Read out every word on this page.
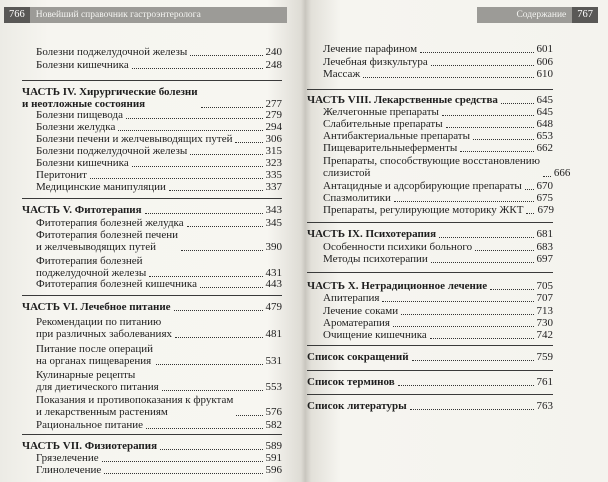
766 Новейший справочник гастроэнтеролога
Болезни поджелудочной железы	240
Болезни кишечника	248
ЧАСТЬ IV. Хирургические болезни
и неотложные состояния	277
Болезни пищевода	279
Болезни желудка	294
Болезни печени и желчевыводящих путей	306
Болезни поджелудочной железы	315
Болезни кишечника	323
Перитонит	335
Медицинские манипуляции	337
ЧАСТЬ V. Фитотерапия	343
Фитотерапия болезней желудка	345
Фитотерапия болезней печени
и желчевыводящих путей	390
Фитотерапия болезней
поджелудочной железы	431
Фитотерапия болезней кишечника	443
ЧАСТЬ VI. Лечебное питание	479
Рекомендации по питанию
при различных заболеваниях	481
Питание после операций
на органах пищеварения	531
Кулинарные рецепты
для диетического питания	553
Показания и противопоказания к фруктам
и лекарственным растениям	576
Рациональное питание	582
ЧАСТЬ VII. Физиотерапия	589
Грязелечение	591
Глинолечение	596
Содержание 767
Лечение парафином	601
Лечебная физкультура	606
Массаж	610
ЧАСТЬ VIII. Лекарственные средства	645
Желчегонные препараты	645
Слабительные препараты	648
Антибактериальные препараты	653
Пищеварительныеферменты	662
Препараты, способствующие восстановлению
слизистой	666
Антацидные и адсорбирующие препараты 670
Спазмолитики	675
Препараты, регулирующие моторику ЖКТ 679
ЧАСТЬ IX. Психотерапия	681
Особенности психики больного	683
Методы психотерапии	697
ЧАСТЬ X. Нетрадиционное лечение	705
Апитерапия	707
Лечение соками	713
Ароматерапия	730
Очищение кишечника	742
Список сокращений	759
Список терминов	761
Список литературы	763
